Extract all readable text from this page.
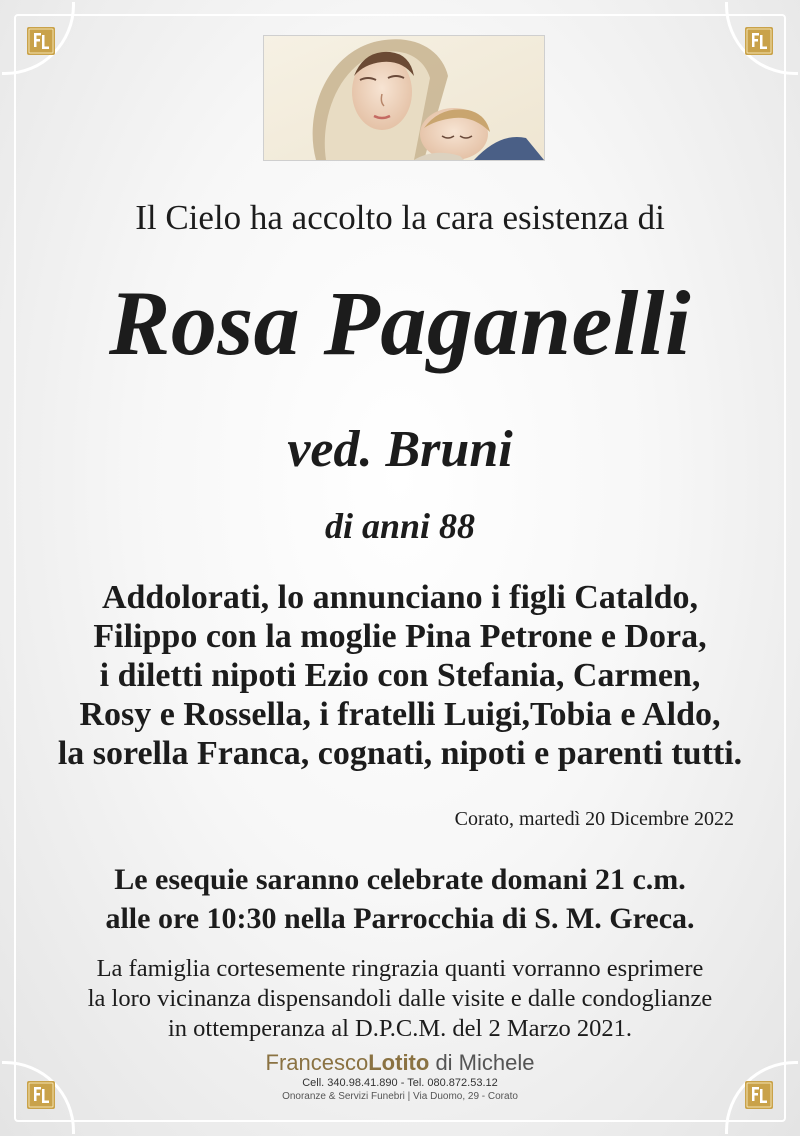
Il Cielo ha accolto la cara esistenza di
Rosa Paganelli
ved. Bruni
di anni 88
Addolorati, lo annunciano i figli Cataldo,
Filippo con la moglie Pina Petrone e Dora,
i diletti nipoti Ezio con Stefania, Carmen,
Rosy e Rossella, i fratelli Luigi,Tobia e Aldo,
la sorella Franca, cognati, nipoti e parenti tutti.
Corato, martedì 20 Dicembre 2022
Le esequie saranno celebrate domani 21 c.m.
alle ore 10:30 nella Parrocchia di S. M. Greca.
La famiglia cortesemente ringrazia quanti vorranno esprimere
la loro vicinanza dispensandoli dalle visite e dalle condoglianze
in ottemperanza al D.P.C.M. del 2 Marzo 2021.
FrancescoLotito di Michele
Cell. 340.98.41.890 - Tel. 080.872.53.12
Onoranze & Servizi Funebri | Via Duomo, 29 - Corato
